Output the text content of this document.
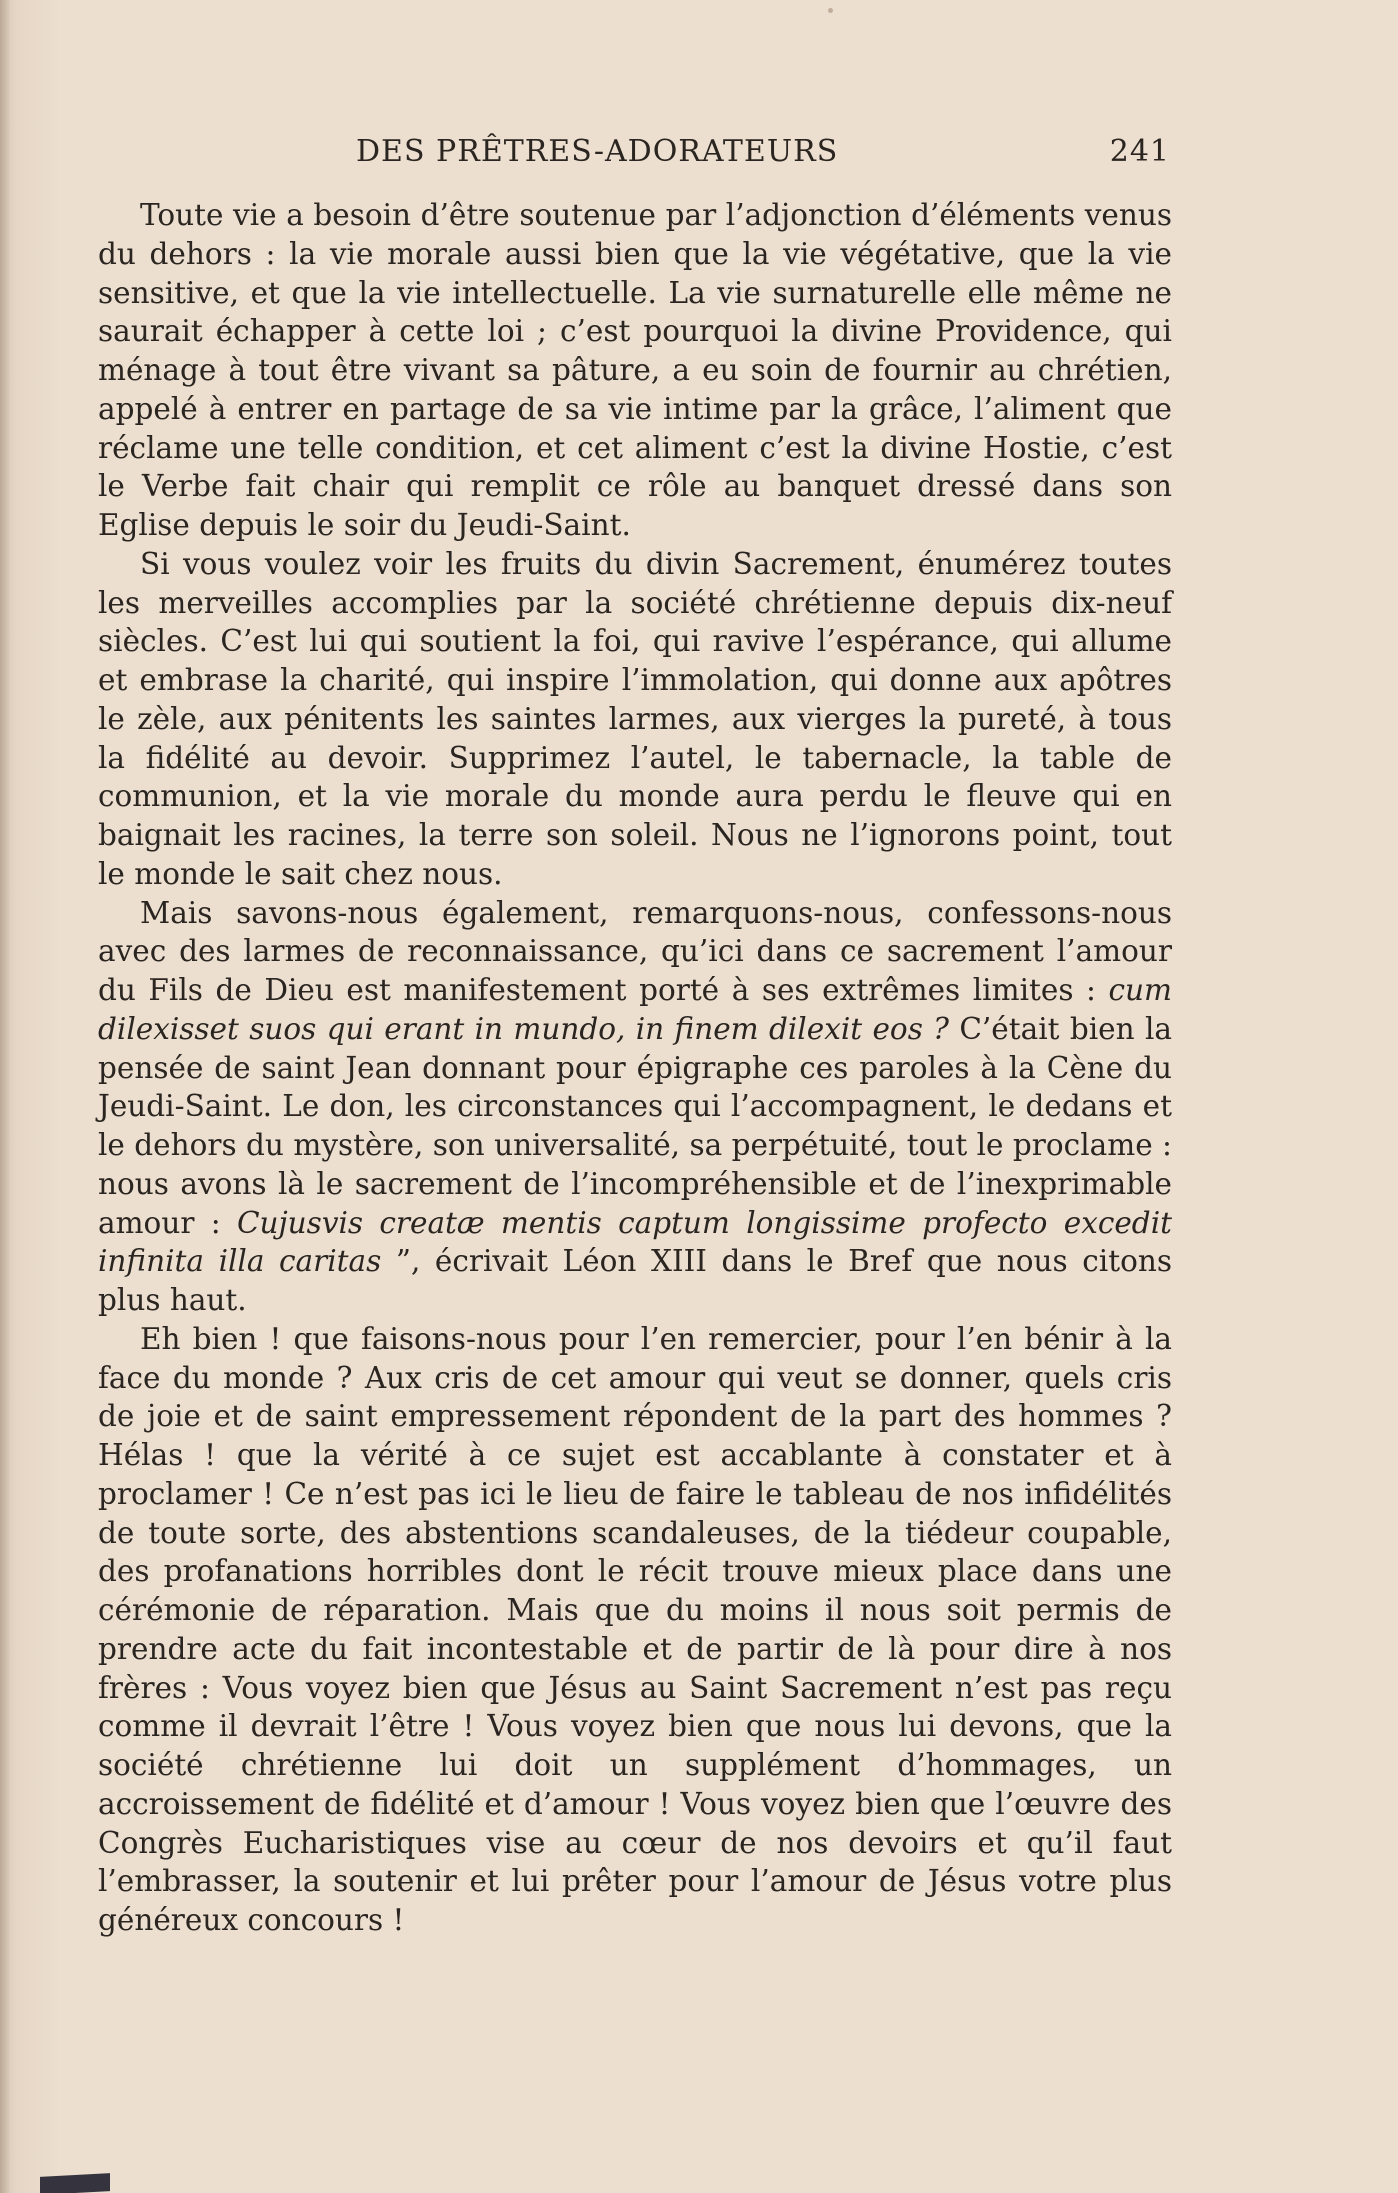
DES PRÊTRES-ADORATEURS	241

Toute vie a besoin d’être soutenue par l’adjonction d’éléments venus du dehors : la vie morale aussi bien que la vie végétative, que la vie sensitive, et que la vie intellectuelle. La vie surnaturelle elle même ne saurait échapper à cette loi ; c’est pourquoi la divine Providence, qui ménage à tout être vivant sa pâture, a eu soin de fournir au chrétien, appelé à entrer en partage de sa vie intime par la grâce, l’aliment que réclame une telle condition, et cet aliment c’est la divine Hostie, c’est le Verbe fait chair qui remplit ce rôle au banquet dressé dans son Eglise depuis le soir du Jeudi-Saint.

Si vous voulez voir les fruits du divin Sacrement, énumérez toutes les merveilles accomplies par la société chrétienne depuis dix-neuf siècles. C’est lui qui soutient la foi, qui ravive l’espérance, qui allume et embrase la charité, qui inspire l’immolation, qui donne aux apôtres le zèle, aux pénitents les saintes larmes, aux vierges la pureté, à tous la fidélité au devoir. Supprimez l’autel, le tabernacle, la table de communion, et la vie morale du monde aura perdu le fleuve qui en baignait les racines, la terre son soleil. Nous ne l’ignorons point, tout le monde le sait chez nous.

Mais savons-nous également, remarquons-nous, confessons-nous avec des larmes de reconnaissance, qu’ici dans ce sacrement l’amour du Fils de Dieu est manifestement porté à ses extrêmes limites : cum dilexisset suos qui erant in mundo, in finem dilexit eos ? C’était bien la pensée de saint Jean donnant pour épigraphe ces paroles à la Cène du Jeudi-Saint. Le don, les circonstances qui l’accompagnent, le dedans et le dehors du mystère, son universalité, sa perpétuité, tout le proclame : nous avons là le sacrement de l’incompréhensible et de l’inexprimable amour : Cujusvis creatæ mentis captum longissime profecto excedit infinita illa caritas ”, écrivait Léon XIII dans le Bref que nous citons plus haut.

Eh bien ! que faisons-nous pour l’en remercier, pour l’en bénir à la face du monde ? Aux cris de cet amour qui veut se donner, quels cris de joie et de saint empressement répondent de la part des hommes ? Hélas ! que la vérité à ce sujet est accablante à constater et à proclamer ! Ce n’est pas ici le lieu de faire le tableau de nos infidélités de toute sorte, des abstentions scandaleuses, de la tiédeur coupable, des profanations horribles dont le récit trouve mieux place dans une cérémonie de réparation. Mais que du moins il nous soit permis de prendre acte du fait incontestable et de partir de là pour dire à nos frères : Vous voyez bien que Jésus au Saint Sacrement n’est pas reçu comme il devrait l’être ! Vous voyez bien que nous lui devons, que la société chrétienne lui doit un supplément d’hommages, un accroissement de fidélité et d’amour ! Vous voyez bien que l’œuvre des Congrès Eucharistiques vise au cœur de nos devoirs et qu’il faut l’embrasser, la soutenir et lui prêter pour l’amour de Jésus votre plus généreux concours !
